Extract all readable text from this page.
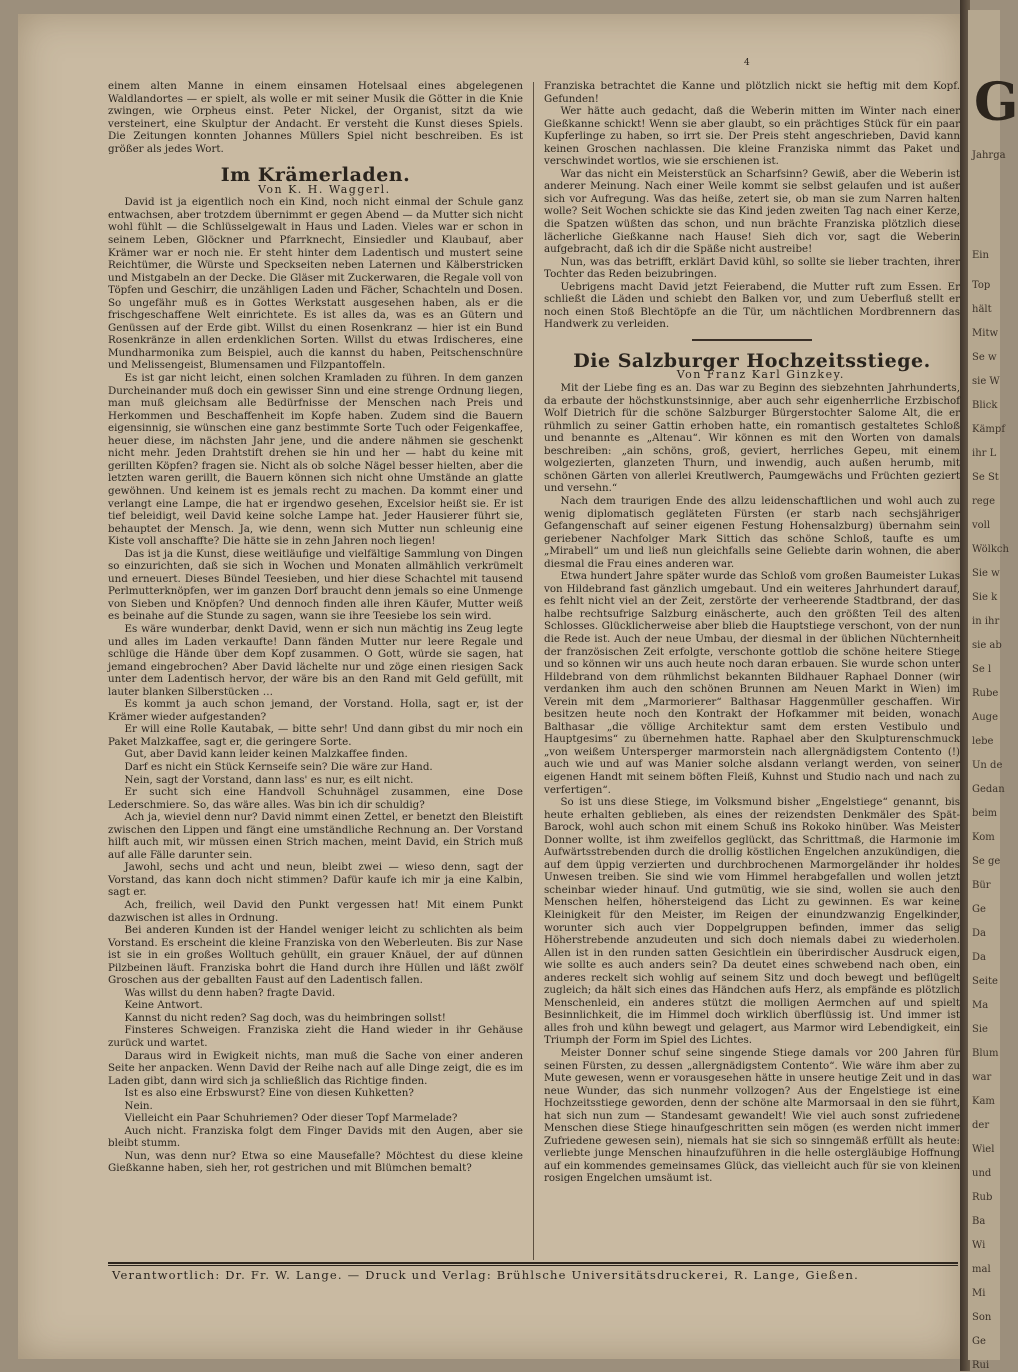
4
G
Jahrga
Ein
Top
hält
Mitw
Se w
sie W
Blick
Kämpf
ihr L
Se St
rege
voll
Wölkch
Sie w
Sie k
in ihr
sie ab
Se l
Rube
Auge
lebe
Un de
Gedan
beim
Kom
Se ge
Bür
Ge
Da
Da
Seite
Ma
Sie
Blum
war
Kam
der
Wiel
und
Rub
Ba
Wi
mal
Mi
Son
Ge
Rui

einem alten Manne in einem einsamen Hotelsaal eines abgelegenen Waldlandortes — er spielt, als wolle er mit seiner Musik die Götter in die Knie zwingen, wie Orpheus einst. Peter Nickel, der Organist, sitzt da wie versteinert, eine Skulptur der Andacht. Er versteht die Kunst dieses Spiels. Die Zeitungen konnten Johannes Müllers Spiel nicht beschreiben. Es ist größer als jedes Wort.

Im Krämerladen.

Von K. H. Waggerl.

David ist ja eigentlich noch ein Kind, noch nicht einmal der Schule ganz entwachsen, aber trotzdem übernimmt er gegen Abend — da Mutter sich nicht wohl fühlt — die Schlüsselgewalt in Haus und Laden. Vieles war er schon in seinem Leben, Glöckner und Pfarrknecht, Einsiedler und Klaubauf, aber Krämer war er noch nie. Er steht hinter dem Ladentisch und mustert seine Reichtümer, die Würste und Speckseiten neben Laternen und Kälberstricken und Mistgabeln an der Decke. Die Gläser mit Zuckerwaren, die Regale voll von Töpfen und Geschirr, die unzähligen Laden und Fächer, Schachteln und Dosen. So ungefähr muß es in Gottes Werkstatt ausgesehen haben, als er die frischgeschaffene Welt einrichtete. Es ist alles da, was es an Gütern und Genüssen auf der Erde gibt. Willst du einen Rosenkranz — hier ist ein Bund Rosenkränze in allen erdenklichen Sorten. Willst du etwas Irdischeres, eine Mundharmonika zum Beispiel, auch die kannst du haben, Peitschenschnüre und Melissengeist, Blumensamen und Filzpantoffeln.

Es ist gar nicht leicht, einen solchen Kramladen zu führen. In dem ganzen Durcheinander muß doch ein gewisser Sinn und eine strenge Ordnung liegen, man muß gleichsam alle Bedürfnisse der Menschen nach Preis und Herkommen und Beschaffenheit im Kopfe haben. Zudem sind die Bauern eigensinnig, sie wünschen eine ganz bestimmte Sorte Tuch oder Feigenkaffee, heuer diese, im nächsten Jahr jene, und die andere nähmen sie geschenkt nicht mehr. Jeden Drahtstift drehen sie hin und her — habt du keine mit gerillten Köpfen? fragen sie. Nicht als ob solche Nägel besser hielten, aber die letzten waren gerillt, die Bauern können sich nicht ohne Umstände an glatte gewöhnen. Und keinem ist es jemals recht zu machen. Da kommt einer und verlangt eine Lampe, die hat er irgendwo gesehen, Excelsior heißt sie. Er ist tief beleidigt, weil David keine solche Lampe hat. Jeder Hausierer führt sie, behauptet der Mensch. Ja, wie denn, wenn sich Mutter nun schleunig eine Kiste voll anschaffte? Die hätte sie in zehn Jahren noch liegen!

Das ist ja die Kunst, diese weitläufige und vielfältige Sammlung von Dingen so einzurichten, daß sie sich in Wochen und Monaten allmählich verkrümelt und erneuert. Dieses Bündel Teesieben, und hier diese Schachtel mit tausend Perlmutterknöpfen, wer im ganzen Dorf braucht denn jemals so eine Unmenge von Sieben und Knöpfen? Und dennoch finden alle ihren Käufer, Mutter weiß es beinahe auf die Stunde zu sagen, wann sie ihre Teesiebe los sein wird.

Es wäre wunderbar, denkt David, wenn er sich nun mächtig ins Zeug legte und alles im Laden verkaufte! Dann fänden Mutter nur leere Regale und schlüge die Hände über dem Kopf zusammen. O Gott, würde sie sagen, hat jemand eingebrochen? Aber David lächelte nur und zöge einen riesigen Sack unter dem Ladentisch hervor, der wäre bis an den Rand mit Geld gefüllt, mit lauter blanken Silberstücken …

Es kommt ja auch schon jemand, der Vorstand. Holla, sagt er, ist der Krämer wieder aufgestanden?

Er will eine Rolle Kautabak, — bitte sehr! Und dann gibst du mir noch ein Paket Malzkaffee, sagt er, die geringere Sorte.

Gut, aber David kann leider keinen Malzkaffee finden.

Darf es nicht ein Stück Kernseife sein? Die wäre zur Hand.

Nein, sagt der Vorstand, dann lass' es nur, es eilt nicht.

Er sucht sich eine Handvoll Schuhnägel zusammen, eine Dose Lederschmiere. So, das wäre alles. Was bin ich dir schuldig?

Ach ja, wieviel denn nur? David nimmt einen Zettel, er benetzt den Bleistift zwischen den Lippen und fängt eine umständliche Rechnung an. Der Vorstand hilft auch mit, wir müssen einen Strich machen, meint David, ein Strich muß auf alle Fälle darunter sein.

Jawohl, sechs und acht und neun, bleibt zwei — wieso denn, sagt der Vorstand, das kann doch nicht stimmen? Dafür kaufe ich mir ja eine Kalbin, sagt er.

Ach, freilich, weil David den Punkt vergessen hat! Mit einem Punkt dazwischen ist alles in Ordnung.

Bei anderen Kunden ist der Handel weniger leicht zu schlichten als beim Vorstand. Es erscheint die kleine Franziska von den Weberleuten. Bis zur Nase ist sie in ein großes Wolltuch gehüllt, ein grauer Knäuel, der auf dünnen Pilzbeinen läuft. Franziska bohrt die Hand durch ihre Hüllen und läßt zwölf Groschen aus der geballten Faust auf den Ladentisch fallen.

Was willst du denn haben? fragte David.

Keine Antwort.

Kannst du nicht reden? Sag doch, was du heimbringen sollst!

Finsteres Schweigen. Franziska zieht die Hand wieder in ihr Gehäuse zurück und wartet.

Daraus wird in Ewigkeit nichts, man muß die Sache von einer anderen Seite her anpacken. Wenn David der Reihe nach auf alle Dinge zeigt, die es im Laden gibt, dann wird sich ja schließlich das Richtige finden.

Ist es also eine Erbswurst? Eine von diesen Kuhketten?

Nein.

Vielleicht ein Paar Schuhriemen? Oder dieser Topf Marmelade?

Auch nicht. Franziska folgt dem Finger Davids mit den Augen, aber sie bleibt stumm.

Nun, was denn nur? Etwa so eine Mausefalle? Möchtest du diese kleine Gießkanne haben, sieh her, rot gestrichen und mit Blümchen bemalt?

Franziska betrachtet die Kanne und plötzlich nickt sie heftig mit dem Kopf. Gefunden!

Wer hätte auch gedacht, daß die Weberin mitten im Winter nach einer Gießkanne schickt! Wenn sie aber glaubt, so ein prächtiges Stück für ein paar Kupferlinge zu haben, so irrt sie. Der Preis steht angeschrieben, David kann keinen Groschen nachlassen. Die kleine Franziska nimmt das Paket und verschwindet wortlos, wie sie erschienen ist.

War das nicht ein Meisterstück an Scharfsinn? Gewiß, aber die Weberin ist anderer Meinung. Nach einer Weile kommt sie selbst gelaufen und ist außer sich vor Aufregung. Was das heiße, zetert sie, ob man sie zum Narren halten wolle? Seit Wochen schickte sie das Kind jeden zweiten Tag nach einer Kerze, die Spatzen wüßten das schon, und nun brächte Franziska plötzlich diese lächerliche Gießkanne nach Hause! Sieh dich vor, sagt die Weberin aufgebracht, daß ich dir die Späße nicht austreibe!

Nun, was das betrifft, erklärt David kühl, so sollte sie lieber trachten, ihrer Tochter das Reden beizubringen.

Uebrigens macht David jetzt Feierabend, die Mutter ruft zum Essen. Er schließt die Läden und schiebt den Balken vor, und zum Ueberfluß stellt er noch einen Stoß Blechtöpfe an die Tür, um nächtlichen Mordbrennern das Handwerk zu verleiden.

Die Salzburger Hochzeitsstiege.

Von Franz Karl Ginzkey.

Mit der Liebe fing es an. Das war zu Beginn des siebzehnten Jahrhunderts, da erbaute der höchstkunstsinnige, aber auch sehr eigenherrliche Erzbischof Wolf Dietrich für die schöne Salzburger Bürgerstochter Salome Alt, die er rühmlich zu seiner Gattin erhoben hatte, ein romantisch gestaltetes Schloß und benannte es „Altenau“. Wir können es mit den Worten von damals beschreiben: „ain schöns, groß, geviert, herrliches Gepeu, mit einem wolgezierten, glanzeten Thurn, und inwendig, auch außen herumb, mit schönen Gärten von allerlei Kreutlwerch, Paumgewächs und Früchten geziert und versehn.“

Nach dem traurigen Ende des allzu leidenschaftlichen und wohl auch zu wenig diplomatisch gegläteten Fürsten (er starb nach sechsjähriger Gefangenschaft auf seiner eigenen Festung Hohensalzburg) übernahm sein geriebener Nachfolger Mark Sittich das schöne Schloß, taufte es um „Mirabell“ um und ließ nun gleichfalls seine Geliebte darin wohnen, die aber diesmal die Frau eines anderen war.

Etwa hundert Jahre später wurde das Schloß vom großen Baumeister Lukas von Hildebrand fast gänzlich umgebaut. Und ein weiteres Jahrhundert darauf, es fehlt nicht viel an der Zeit, zerstörte der verheerende Stadtbrand, der das halbe rechtsufrige Salzburg einäscherte, auch den größten Teil des alten Schlosses. Glücklicherweise aber blieb die Hauptstiege verschont, von der nun die Rede ist. Auch der neue Umbau, der diesmal in der üblichen Nüchternheit der französischen Zeit erfolgte, verschonte gottlob die schöne heitere Stiege und so können wir uns auch heute noch daran erbauen. Sie wurde schon unter Hildebrand von dem rühmlichst bekannten Bildhauer Raphael Donner (wir verdanken ihm auch den schönen Brunnen am Neuen Markt in Wien) im Verein mit dem „Marmorierer“ Balthasar Haggenmüller geschaffen. Wir besitzen heute noch den Kontrakt der Hofkammer mit beiden, wonach Balthasar „die völlige Architektur samt dem ersten Vestibulo und Hauptgesims“ zu übernehmen hatte. Raphael aber den Skulpturenschmuck „von weißem Untersperger marmorstein nach allergnädigstem Contento (!) auch wie und auf was Manier solche alsdann verlangt werden, von seiner eigenen Handt mit seinem böften Fleiß, Kuhnst und Studio nach und nach zu verfertigen“.

So ist uns diese Stiege, im Volksmund bisher „Engelstiege“ genannt, bis heute erhalten geblieben, als eines der reizendsten Denkmäler des Spät-Barock, wohl auch schon mit einem Schuß ins Rokoko hinüber. Was Meister Donner wollte, ist ihm zweifellos geglückt, das Schrittmaß, die Harmonie im Aufwärtsstrebenden durch die drollig köstlichen Engelchen anzukündigen, die auf dem üppig verzierten und durchbrochenen Marmorgeländer ihr holdes Unwesen treiben. Sie sind wie vom Himmel herabgefallen und wollen jetzt scheinbar wieder hinauf. Und gutmütig, wie sie sind, wollen sie auch den Menschen helfen, höhersteigend das Licht zu gewinnen. Es war keine Kleinigkeit für den Meister, im Reigen der einundzwanzig Engelkinder, worunter sich auch vier Doppelgruppen befinden, immer das selig Höherstrebende anzudeuten und sich doch niemals dabei zu wiederholen. Allen ist in den runden satten Gesichtlein ein überirdischer Ausdruck eigen, wie sollte es auch anders sein? Da deutet eines schwebend nach oben, ein anderes reckelt sich wohlig auf seinem Sitz und doch bewegt und beflügelt zugleich; da hält sich eines das Händchen aufs Herz, als empfände es plötzlich Menschenleid, ein anderes stützt die molligen Aermchen auf und spielt Besinnlichkeit, die im Himmel doch wirklich überflüssig ist. Und immer ist alles froh und kühn bewegt und gelagert, aus Marmor wird Lebendigkeit, ein Triumph der Form im Spiel des Lichtes.

Meister Donner schuf seine singende Stiege damals vor 200 Jahren für seinen Fürsten, zu dessen „allergnädigstem Contento“. Wie wäre ihm aber zu Mute gewesen, wenn er vorausgesehen hätte in unsere heutige Zeit und in das neue Wunder, das sich nunmehr vollzogen? Aus der Engelstiege ist eine Hochzeitsstiege geworden, denn der schöne alte Marmorsaal in den sie führt, hat sich nun zum — Standesamt gewandelt! Wie viel auch sonst zufriedene Menschen diese Stiege hinaufgeschritten sein mögen (es werden nicht immer Zufriedene gewesen sein), niemals hat sie sich so sinngemäß erfüllt als heute: verliebte junge Menschen hinaufzuführen in die helle ostergläubige Hoffnung auf ein kommendes gemeinsames Glück, das vielleicht auch für sie von kleinen rosigen Engelchen umsäumt ist.

Verantwortlich: Dr. Fr. W. Lange. — Druck und Verlag: Brühlsche Universitätsdruckerei, R. Lange, Gießen.
